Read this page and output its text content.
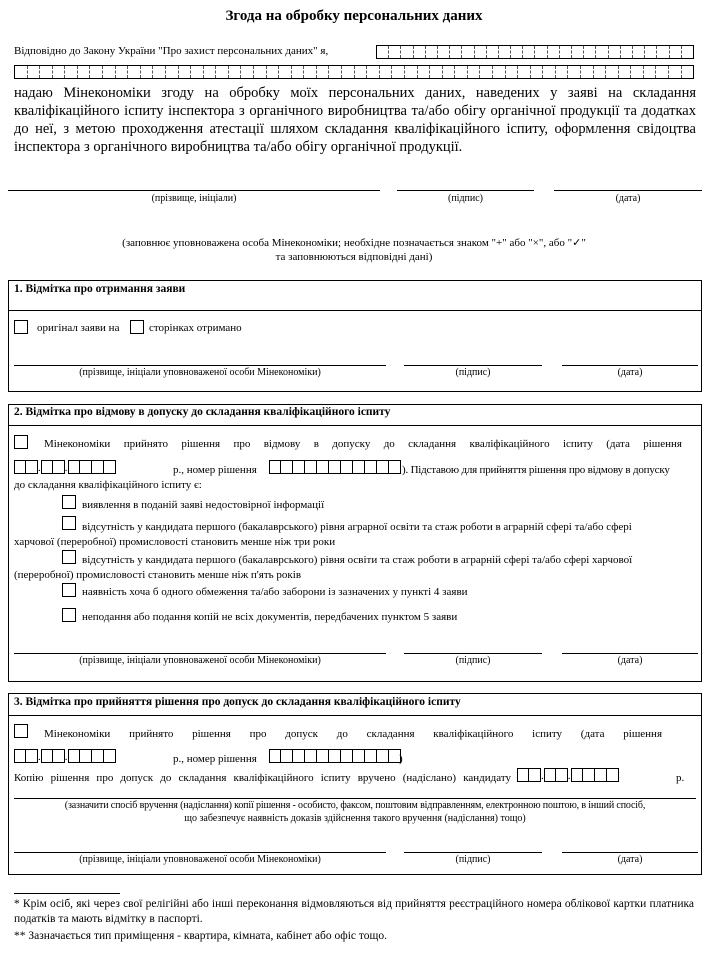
Згода на обробку персональних даних
Відповідно до Закону України "Про захист персональних даних" я,
надаю Мінекономіки згоду на обробку моїх персональних даних, наведених у заяві на складання кваліфікаційного іспиту інспектора з органічного виробництва та/або обігу органічної продукції та додатках до неї, з метою проходження атестації шляхом складання кваліфікаційного іспиту, оформлення свідоцтва інспектора з органічного виробництва та/або обігу органічної продукції.
(прізвище, ініціали)	(підпис)	(дата)
(заповнює уповноважена особа Мінекономіки; необхідне позначається знаком "+" або "×", або "✓"
та заповнюються відповідні дані)
1. Відмітка про отримання заяви
оригінал заяви на	сторінках отримано
(прізвище, ініціали уповноваженої особи Мінекономіки)	(підпис)	(дата)
2. Відмітка про відмову в допуску до складання кваліфікаційного іспиту
Мінекономіки прийнято рішення про відмову в допуску до складання кваліфікаційного іспиту (дата рішення
. .	р., номер рішення	). Підставою для прийняття рішення про відмову в допуску
до складання кваліфікаційного іспиту є:
виявлення в поданій заяві недостовірної інформації
відсутність у кандидата першого (бакалаврського) рівня аграрної освіти та стаж роботи в аграрній сфері та/або сфері
харчової (переробної) промисловості становить менше ніж три роки
відсутність у кандидата першого (бакалаврського) рівня освіти та стаж роботи в аграрній сфері та/або сфері харчової
(переробної) промисловості становить менше ніж п'ять років
наявність хоча б одного обмеження та/або заборони із зазначених у пункті 4 заяви
неподання або подання копій не всіх документів, передбачених пунктом 5 заяви
(прізвище, ініціали уповноваженої особи Мінекономіки)	(підпис)	(дата)
3. Відмітка про прийняття рішення про допуск до складання кваліфікаційного іспиту
Мінекономіки прийнято рішення про допуск до складання кваліфікаційного іспиту (дата рішення
. .	р., номер рішення	)
Копію рішення про допуск до складання кваліфікаційного іспиту вручено (надіслано) кандидату	. .	р.
(зазначити спосіб вручення (надіслання) копії рішення - особисто, факсом, поштовим відправленням, електронною поштою, в інший спосіб,
що забезпечує наявність доказів здійснення такого вручення (надіслання) тощо)
(прізвище, ініціали уповноваженої особи Мінекономіки)	(підпис)	(дата)
* Крім осіб, які через свої релігійні або інші переконання відмовляються від прийняття реєстраційного номера облікової картки платника податків та мають відмітку в паспорті.
** Зазначається тип приміщення - квартира, кімната, кабінет або офіс тощо.
